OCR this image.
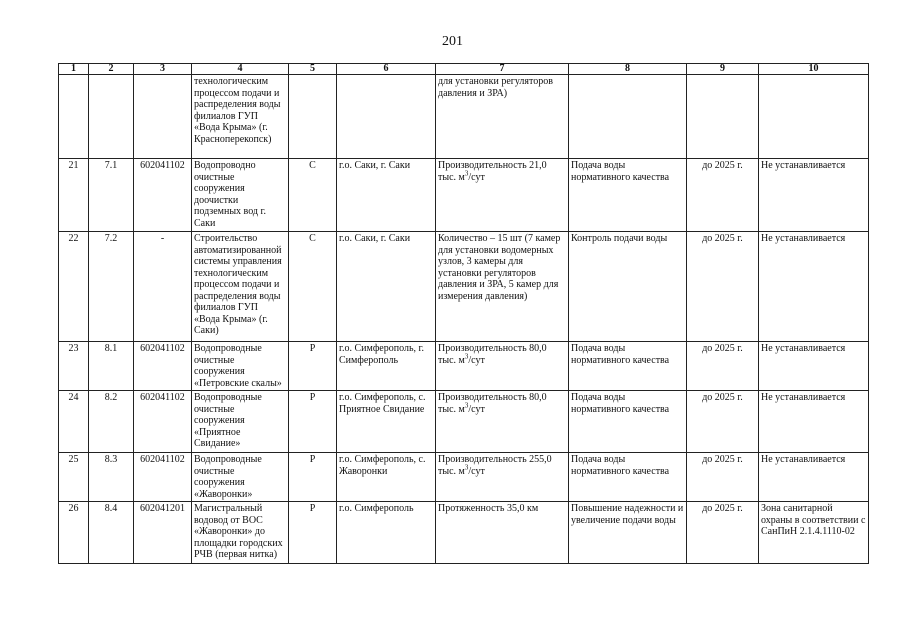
201
1	2	3	4	5	6	7	8	9	10
			технологическим процессом подачи и распределения воды филиалов ГУП «Вода Крыма» (г. Красноперекопск)			для установки регуляторов давления и ЗРА)			
21	7.1	602041102	Водопроводно очистные сооружения доочистки подземных вод г. Саки	С	г.о. Саки, г. Саки	Производительность 21,0 тыс. $м^3$/сут	Подача воды нормативного качества	до 2025 г.	Не устанавливается
22	7.2	-	Строительство автоматизированной системы управления технологическим процессом подачи и распределения воды филиалов ГУП «Вода Крыма» (г. Саки)	С	г.о. Саки, г. Саки	Количество – 15 шт (7 камер для установки водомерных узлов, 3 камеры для установки регуляторов давления и ЗРА, 5 камер для измерения давления)	Контроль подачи воды	до 2025 г.	Не устанавливается
23	8.1	602041102	Водопроводные очистные сооружения «Петровские скалы»	Р	г.о. Симферополь, г. Симферополь	Производительность 80,0 тыс. $м^3$/сут	Подача воды нормативного качества	до 2025 г.	Не устанавливается
24	8.2	602041102	Водопроводные очистные сооружения «Приятное Свидание»	Р	г.о. Симферополь, с. Приятное Свидание	Производительность 80,0 тыс. $м^3$/сут	Подача воды нормативного качества	до 2025 г.	Не устанавливается
25	8.3	602041102	Водопроводные очистные сооружения «Жаворонки»	Р	г.о. Симферополь, с. Жаворонки	Производительность 255,0 тыс. $м^3$/сут	Подача воды нормативного качества	до 2025 г.	Не устанавливается
26	8.4	602041201	Магистральный водовод от ВОС «Жаворонки» до площадки городских РЧВ (первая нитка)	Р	г.о. Симферополь	Протяженность 35,0 км	Повышение надежности и увеличение подачи воды	до 2025 г.	Зона санитарной охраны в соответствии с СанПиН 2.1.4.1110-02
